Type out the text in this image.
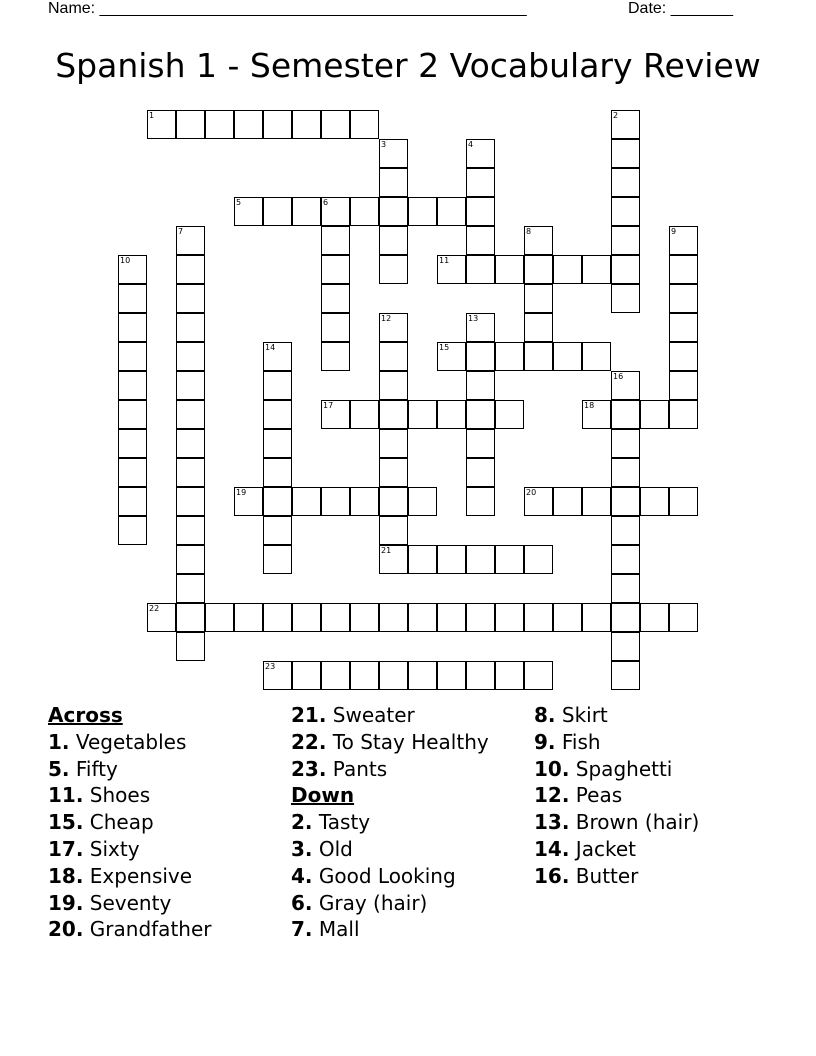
Name: ________________________________________________	Date: _______
Spanish 1 - Semester 2 Vocabulary Review
1	2
3	4
5	6
7	8	9
10	11
12	13
14	15
16
17	18
19	20
21
22
23
Across
1. Vegetables
5. Fifty
11. Shoes
15. Cheap
17. Sixty
18. Expensive
19. Seventy
20. Grandfather
21. Sweater
22. To Stay Healthy
23. Pants
Down
2. Tasty
3. Old
4. Good Looking
6. Gray (hair)
7. Mall
8. Skirt
9. Fish
10. Spaghetti
12. Peas
13. Brown (hair)
14. Jacket
16. Butter
